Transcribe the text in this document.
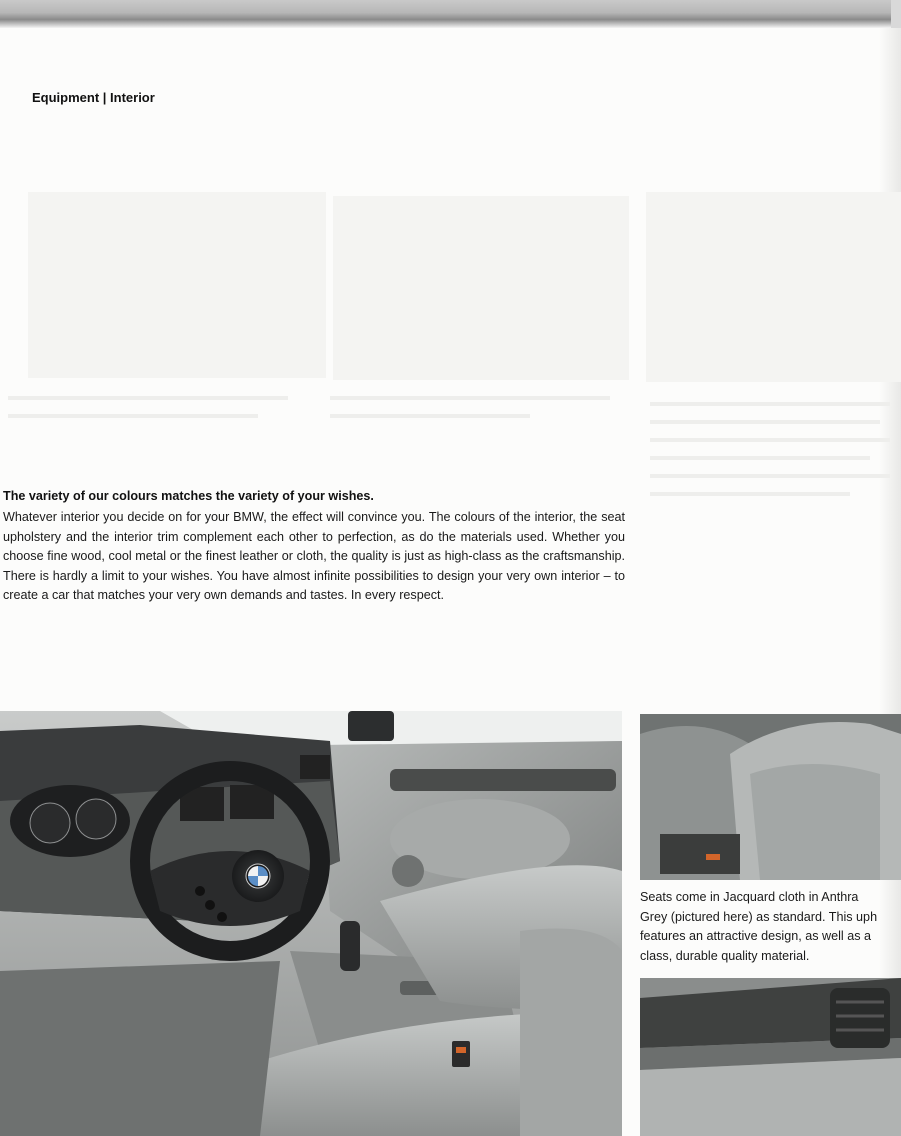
Equipment | Interior
The variety of our colours matches the variety of your wishes.
Whatever interior you decide on for your BMW, the effect will convince you. The colours of the interior, the seat upholstery and the interior trim complement each other to perfection, as do the materials used. Whether you choose fine wood, cool metal or the finest leather or cloth, the quality is just as high-class as the craftsmanship. There is hardly a limit to your wishes. You have almost infinite possibilities to design your very own interior – to create a car that matches your very own demands and tastes. In every respect.
Seats come in Jacquard cloth in Anthra
Grey (pictured here) as standard. This uph
features an attractive design, as well as a
class, durable quality material.
